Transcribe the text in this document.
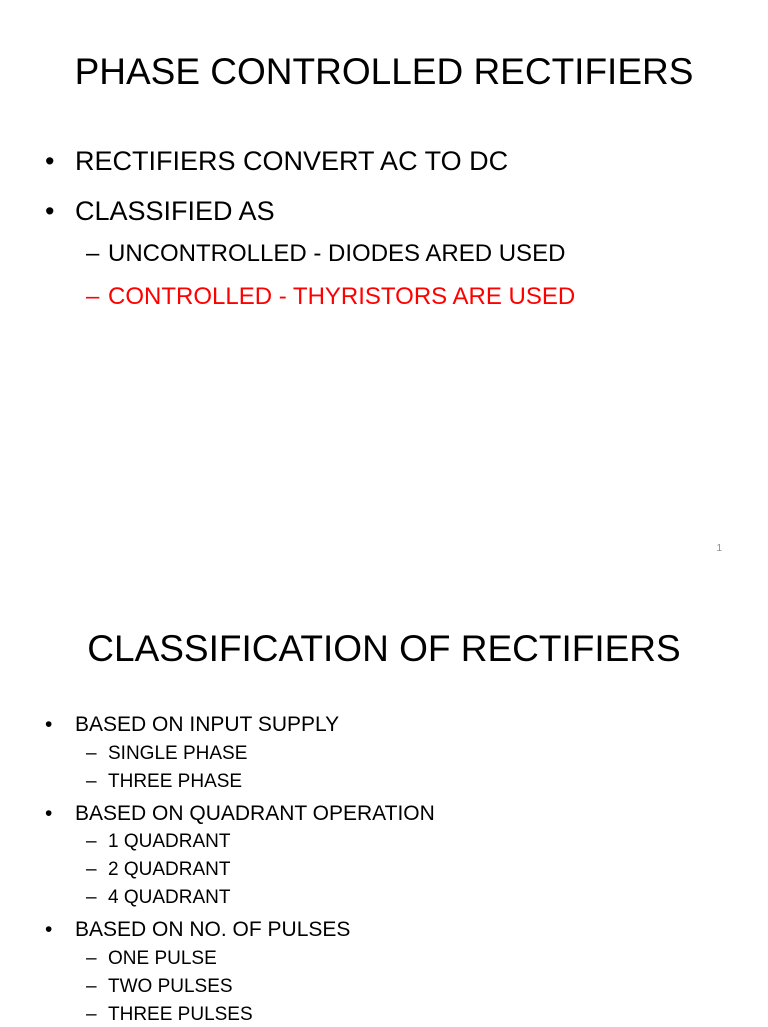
PHASE CONTROLLED RECTIFIERS
• RECTIFIERS CONVERT AC TO DC
• CLASSIFIED AS
– UNCONTROLLED - DIODES ARED USED
– CONTROLLED - THYRISTORS ARE USED
1
CLASSIFICATION OF RECTIFIERS
• BASED ON INPUT SUPPLY
– SINGLE PHASE
– THREE PHASE
• BASED ON QUADRANT OPERATION
– 1 QUADRANT
– 2 QUADRANT
– 4 QUADRANT
• BASED ON NO. OF PULSES
– ONE PULSE
– TWO PULSES
– THREE PULSES
